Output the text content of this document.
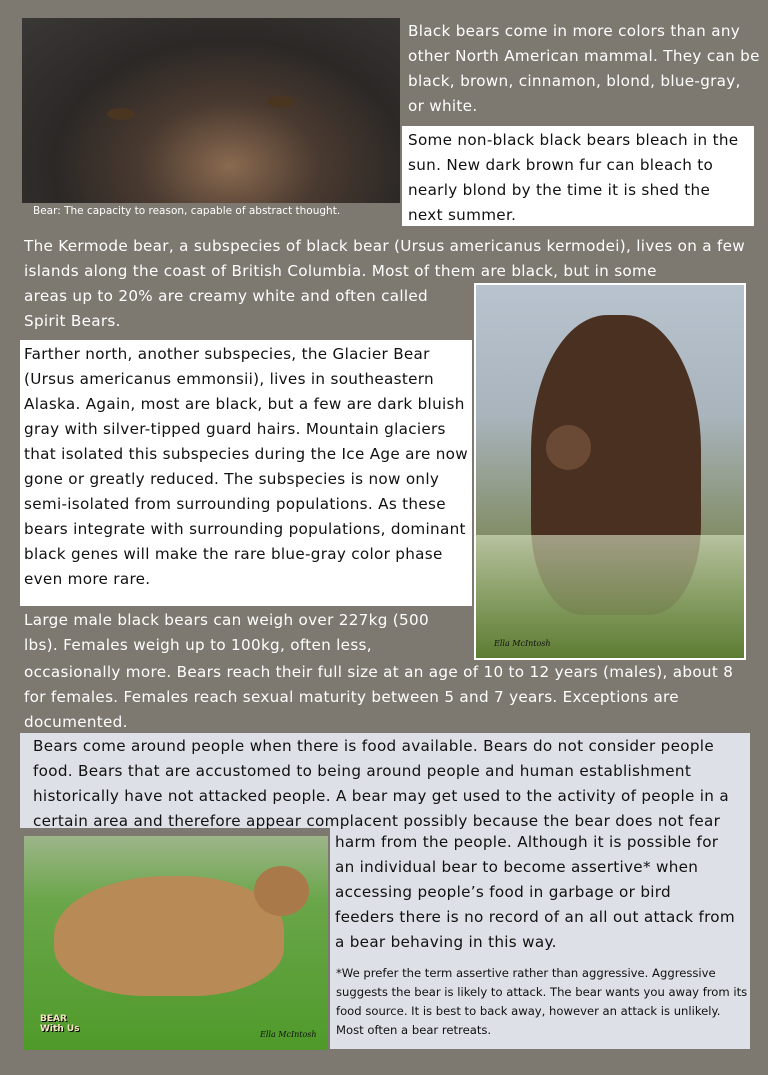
Bear: The capacity to reason, capable of abstract thought.
Black bears come in more colors than any other North American mammal. They can be black, brown, cinnamon, blond, blue-gray, or white.
Some non-black black bears bleach in the sun. New dark brown fur can bleach to nearly blond by the time it is shed the next summer.
The Kermode bear, a subspecies of black bear (Ursus americanus kermodei), lives on a few islands along the coast of British Columbia. Most of them are black, but in some
areas up to 20% are creamy white and often called Spirit Bears.
Ella McIntosh
Farther north, another subspecies, the Glacier Bear (Ursus americanus emmonsii), lives in southeastern Alaska. Again, most are black, but a few are dark bluish gray with silver-tipped guard hairs. Mountain glaciers that isolated this subspecies during the Ice Age are now gone or greatly reduced. The subspecies is now only semi-isolated from surrounding populations. As these bears integrate with surrounding populations, dominant black genes will make the rare blue-gray color phase even more rare.
Large male black bears can weigh over 227kg (500 lbs). Females weigh up to 100kg, often less,
occasionally more. Bears reach their full size at an age of 10 to 12 years (males), about 8 for females. Females reach sexual maturity between 5 and 7 years. Exceptions are documented.
Bears come around people when there is food available. Bears do not consider people food. Bears that are accustomed to being around people and human establishment historically have not attacked people. A bear may get used to the activity of people in a certain area and therefore appear complacent possibly because the bear does not fear
harm from the people. Although it is possible for an individual bear to become assertive* when accessing people’s food in garbage or bird feeders there is no record of an all out attack from a bear behaving in this way.
*We prefer the term assertive rather than aggressive. Aggressive suggests the bear is likely to attack. The bear wants you away from its food source. It is best to back away, however an attack is unlikely. Most often a bear retreats.
BEAR With Us
Ella McIntosh
